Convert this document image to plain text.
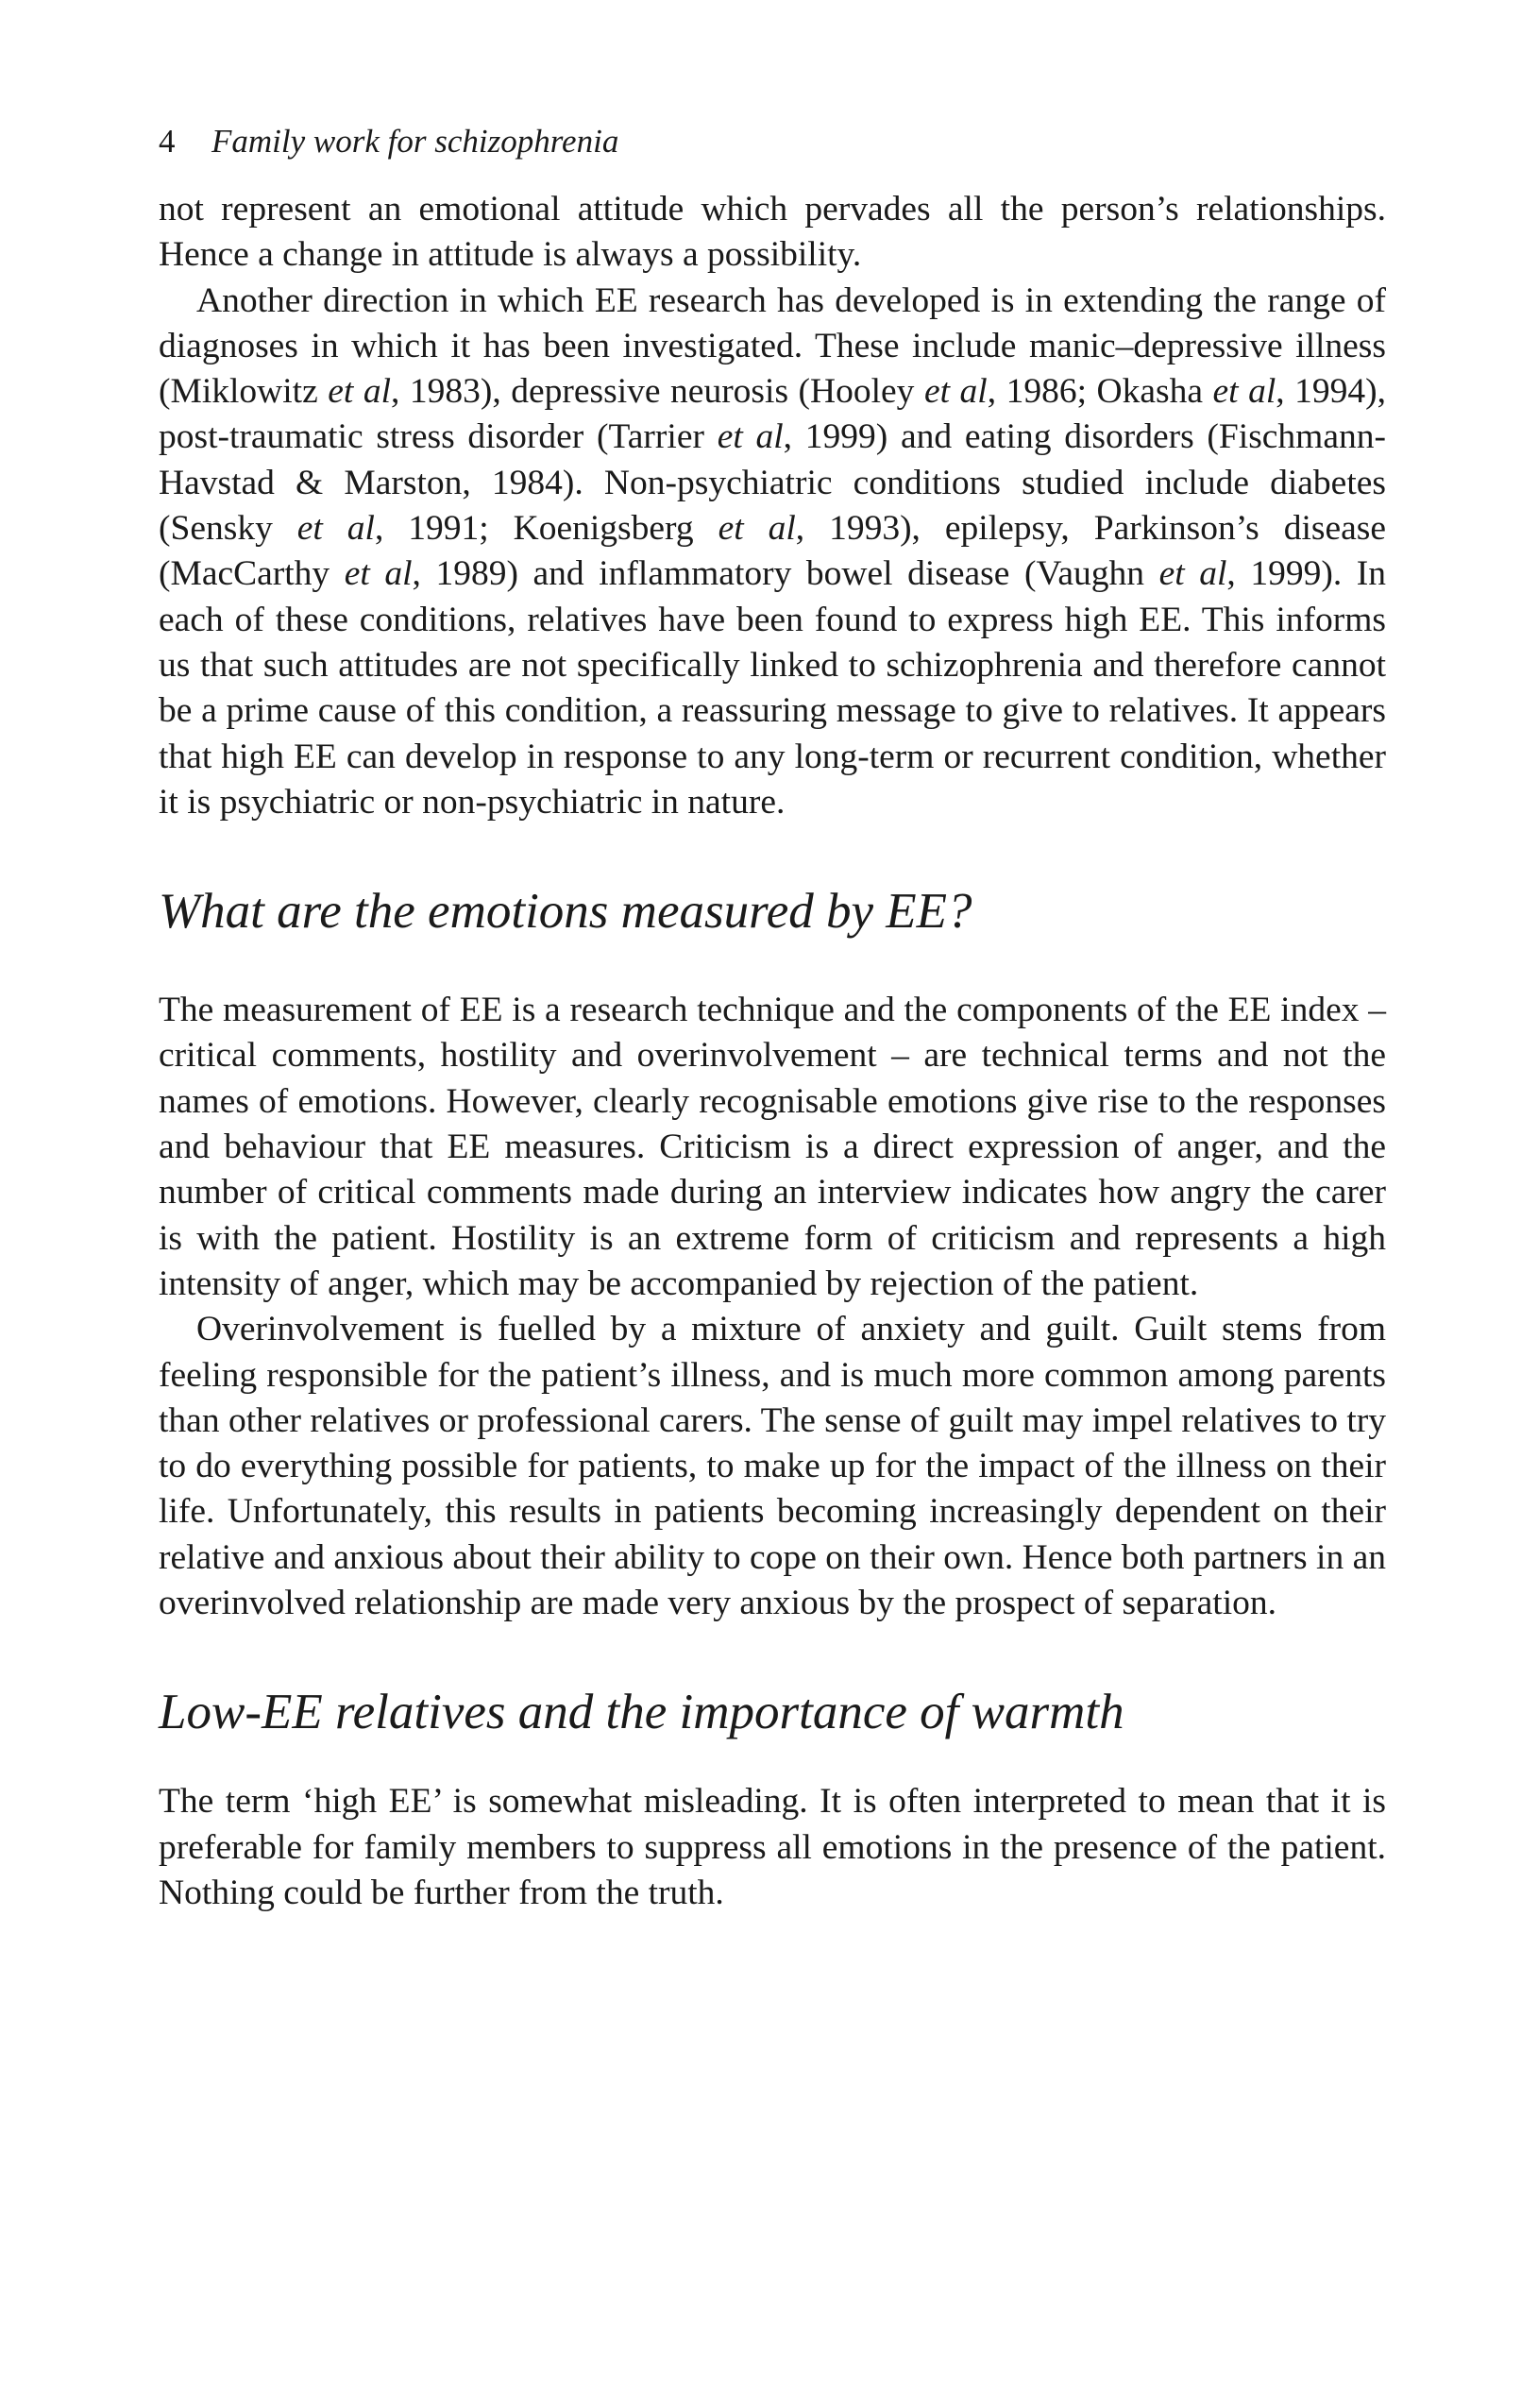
4 Family work for schizophrenia

not represent an emotional attitude which pervades all the person’s relationships. Hence a change in attitude is always a possibility.

Another direction in which EE research has developed is in extending the range of diagnoses in which it has been investigated. These include manic–depressive illness (Miklowitz et al, 1983), depressive neurosis (Hooley et al, 1986; Okasha et al, 1994), post-traumatic stress disorder (Tarrier et al, 1999) and eating disorders (Fischmann-Havstad & Marston, 1984). Non-psychiatric conditions studied include diabetes (Sensky et al, 1991; Koenigsberg et al, 1993), epilepsy, Parkinson’s disease (MacCarthy et al, 1989) and inflammatory bowel disease (Vaughn et al, 1999). In each of these conditions, relatives have been found to express high EE. This informs us that such attitudes are not specifically linked to schizophrenia and therefore cannot be a prime cause of this condition, a reassuring message to give to relatives. It appears that high EE can develop in response to any long-term or recurrent condition, whether it is psychiatric or non-psychiatric in nature.

What are the emotions measured by EE?

The measurement of EE is a research technique and the components of the EE index – critical comments, hostility and overinvolvement – are technical terms and not the names of emotions. However, clearly recognisable emotions give rise to the responses and behaviour that EE measures. Criticism is a direct expression of anger, and the number of critical comments made during an interview indicates how angry the carer is with the patient. Hostility is an extreme form of criticism and represents a high intensity of anger, which may be accompanied by rejection of the patient.

Overinvolvement is fuelled by a mixture of anxiety and guilt. Guilt stems from feeling responsible for the patient’s illness, and is much more common among parents than other relatives or professional carers. The sense of guilt may impel relatives to try to do everything possible for patients, to make up for the impact of the illness on their life. Unfortunately, this results in patients becoming increasingly dependent on their relative and anxious about their ability to cope on their own. Hence both partners in an overinvolved relationship are made very anxious by the prospect of separation.

Low-EE relatives and the importance of warmth

The term ‘high EE’ is somewhat misleading. It is often interpreted to mean that it is preferable for family members to suppress all emotions in the presence of the patient. Nothing could be further from the truth.
